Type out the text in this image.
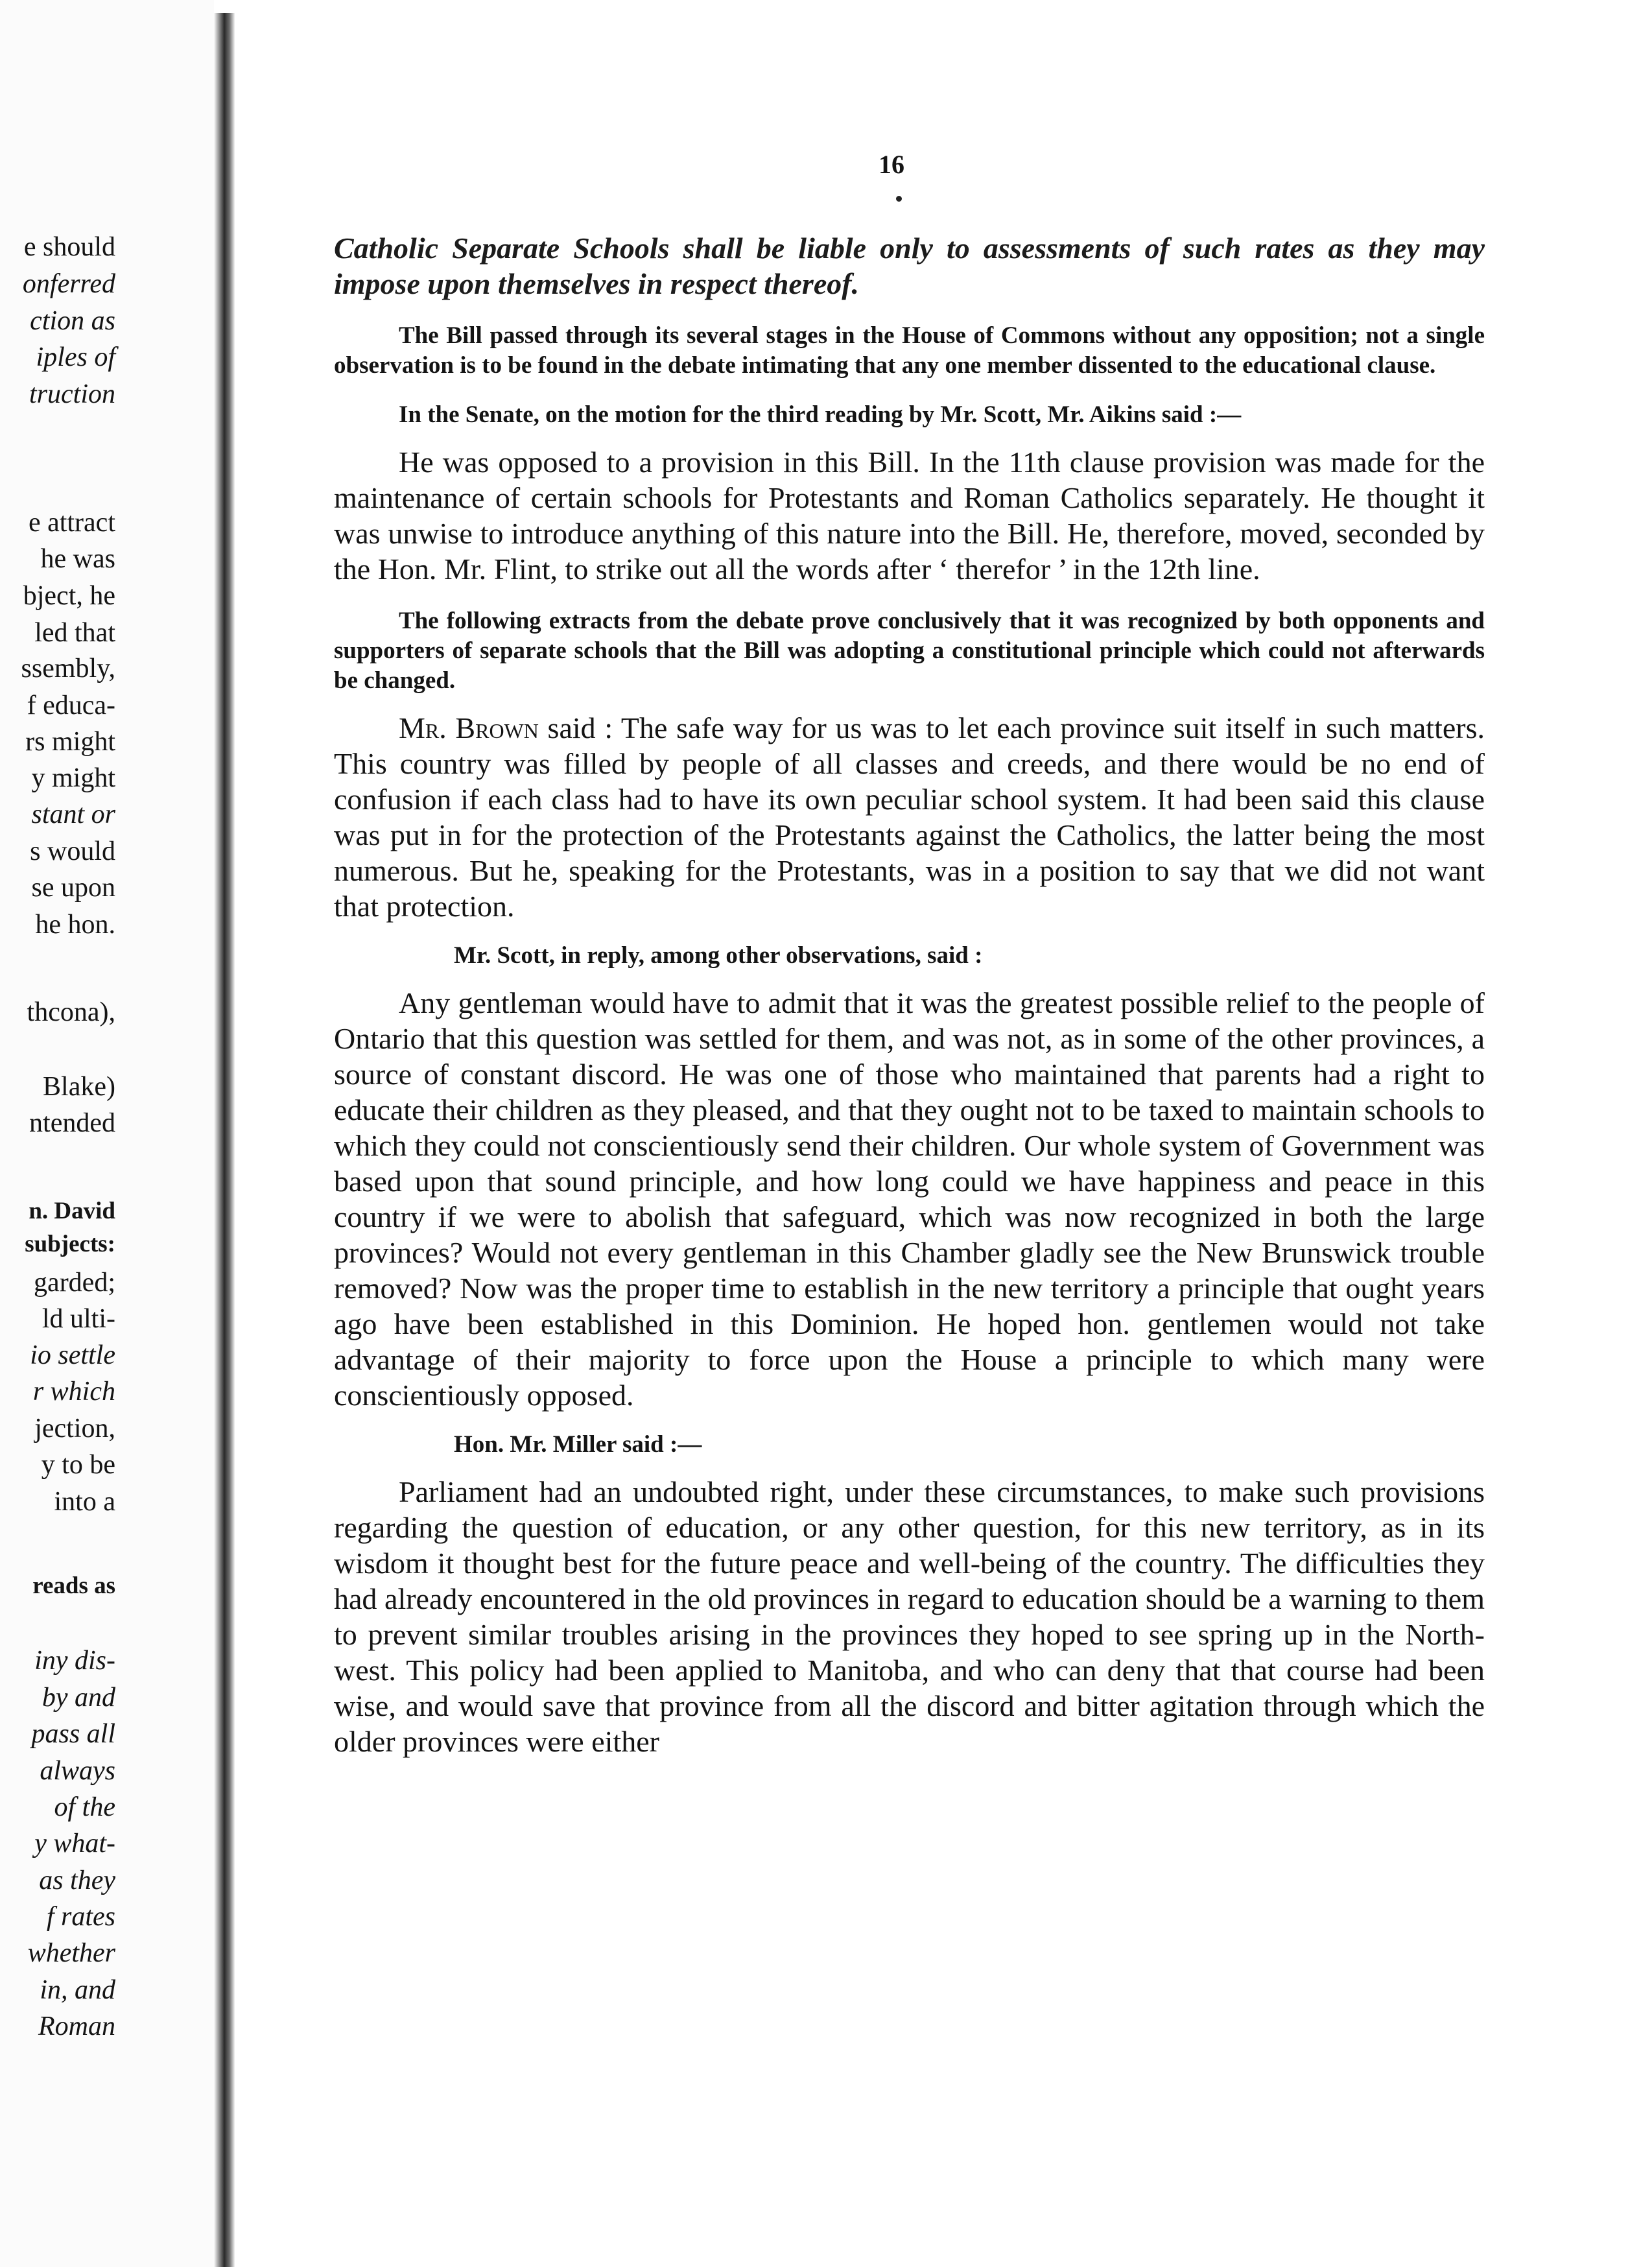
e should

onferred

ction as

iples of

truction

e attract

he was

bject, he

led that

ssembly,

f educa-

rs might

y might

stant or

s would

se upon

he hon.

thcona),

Blake)

ntended

n. David

subjects:

garded;

ld ulti-

io settle

r which

jection,

y to be

into a

reads as

iny dis-

by and

pass all

always

of the

y what-

as they

f rates

whether

in, and

Roman

16

Catholic Separate Schools shall be liable only to assessments of such rates as they may impose upon themselves in respect thereof.

The Bill passed through its several stages in the House of Commons without any opposition; not a single observation is to be found in the debate intimating that any one member dissented to the educational clause.

In the Senate, on the motion for the third reading by Mr. Scott, Mr. Aikins said :—

He was opposed to a provision in this Bill. In the 11th clause provision was made for the maintenance of certain schools for Protestants and Roman Catholics separately. He thought it was unwise to introduce anything of this nature into the Bill. He, therefore, moved, seconded by the Hon. Mr. Flint, to strike out all the words after ‘ therefor ’ in the 12th line.

The following extracts from the debate prove conclusively that it was recognized by both opponents and supporters of separate schools that the Bill was adopting a constitutional principle which could not afterwards be changed.

Mr. Brown said : The safe way for us was to let each province suit itself in such matters. This country was filled by people of all classes and creeds, and there would be no end of confusion if each class had to have its own peculiar school system. It had been said this clause was put in for the protection of the Protestants against the Catholics, the latter being the most numerous. But he, speaking for the Protestants, was in a position to say that we did not want that protection.

Mr. Scott, in reply, among other observations, said :

Any gentleman would have to admit that it was the greatest possible relief to the people of Ontario that this question was settled for them, and was not, as in some of the other provinces, a source of constant discord. He was one of those who maintained that parents had a right to educate their children as they pleased, and that they ought not to be taxed to maintain schools to which they could not conscientiously send their children. Our whole system of Government was based upon that sound principle, and how long could we have happiness and peace in this country if we were to abolish that safeguard, which was now recognized in both the large provinces? Would not every gentleman in this Chamber gladly see the New Brunswick trouble removed? Now was the proper time to establish in the new territory a principle that ought years ago have been established in this Dominion. He hoped hon. gentlemen would not take advantage of their majority to force upon the House a principle to which many were conscientiously opposed.

Hon. Mr. Miller said :—

Parliament had an undoubted right, under these circumstances, to make such provisions regarding the question of education, or any other question, for this new territory, as in its wisdom it thought best for the future peace and well-being of the country. The difficulties they had already encountered in the old provinces in regard to education should be a warning to them to prevent similar troubles arising in the provinces they hoped to see spring up in the North-west. This policy had been applied to Manitoba, and who can deny that that course had been wise, and would save that province from all the discord and bitter agitation through which the older provinces were either
